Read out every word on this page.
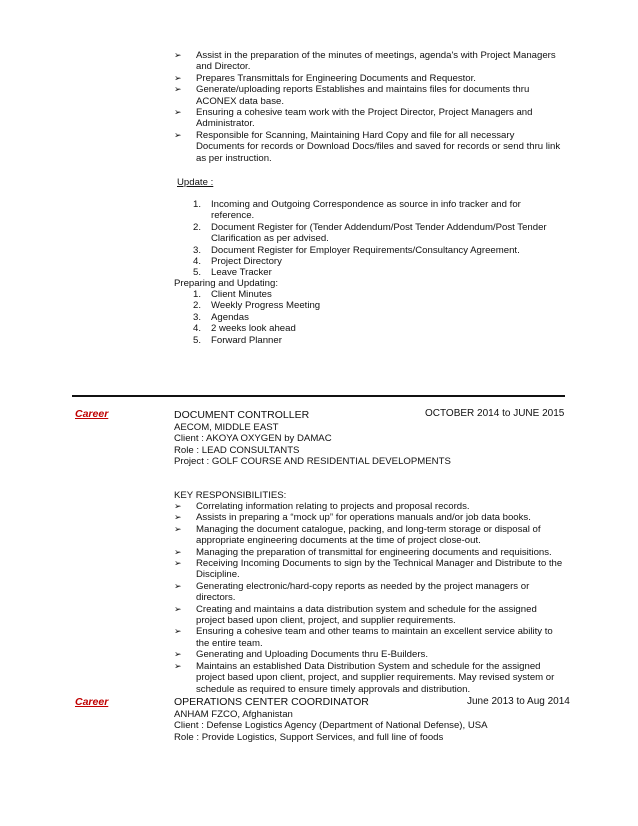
➢ Assist in the preparation of the minutes of meetings, agenda's with Project Managers and Director.
➢ Prepares Transmittals for Engineering Documents and Requestor.
➢ Generate/uploading reports Establishes and maintains files for documents thru ACONEX data base.
➢ Ensuring a cohesive team work with the Project Director, Project Managers and Administrator.
➢ Responsible for Scanning, Maintaining Hard Copy and file for all necessary Documents for records or Download Docs/files and saved for records or send thru link as per instruction.
Update :
1. Incoming and Outgoing Correspondence as source in info tracker and for reference.
2. Document Register for (Tender Addendum/Post Tender Addendum/Post Tender Clarification as per advised.
3. Document Register for Employer Requirements/Consultancy Agreement.
4. Project Directory
5. Leave Tracker
Preparing and Updating:
1. Client Minutes
2. Weekly Progress Meeting
3. Agendas
4. 2 weeks look ahead
5. Forward Planner
Career	DOCUMENT CONTROLLER	OCTOBER 2014 to JUNE 2015
AECOM, MIDDLE EAST
Client : AKOYA OXYGEN by DAMAC
Role : LEAD CONSULTANTS
Project : GOLF COURSE AND RESIDENTIAL DEVELOPMENTS
KEY RESPONSIBILITIES:
➢ Correlating information relating to projects and proposal records.
➢ Assists in preparing a “mock up” for operations manuals and/or job data books.
➢ Managing the document catalogue, packing, and long-term storage or disposal of appropriate engineering documents at the time of project close-out.
➢ Managing the preparation of transmittal for engineering documents and requisitions.
➢ Receiving Incoming Documents to sign by the Technical Manager and Distribute to the Discipline.
➢ Generating electronic/hard-copy reports as needed by the project managers or directors.
➢ Creating and maintains a data distribution system and schedule for the assigned project based upon client, project, and supplier requirements.
➢ Ensuring a cohesive team and other teams to maintain an excellent service ability to the entire team.
➢ Generating and Uploading Documents thru E-Builders.
➢ Maintains an established Data Distribution System and schedule for the assigned project based upon client, project, and supplier requirements. May revised system or schedule as required to ensure timely approvals and distribution.
Career	OPERATIONS CENTER COORDINATOR	June 2013 to Aug 2014
ANHAM FZCO, Afghanistan
Client : Defense Logistics Agency (Department of National Defense), USA
Role : Provide Logistics, Support Services, and full line of foods
